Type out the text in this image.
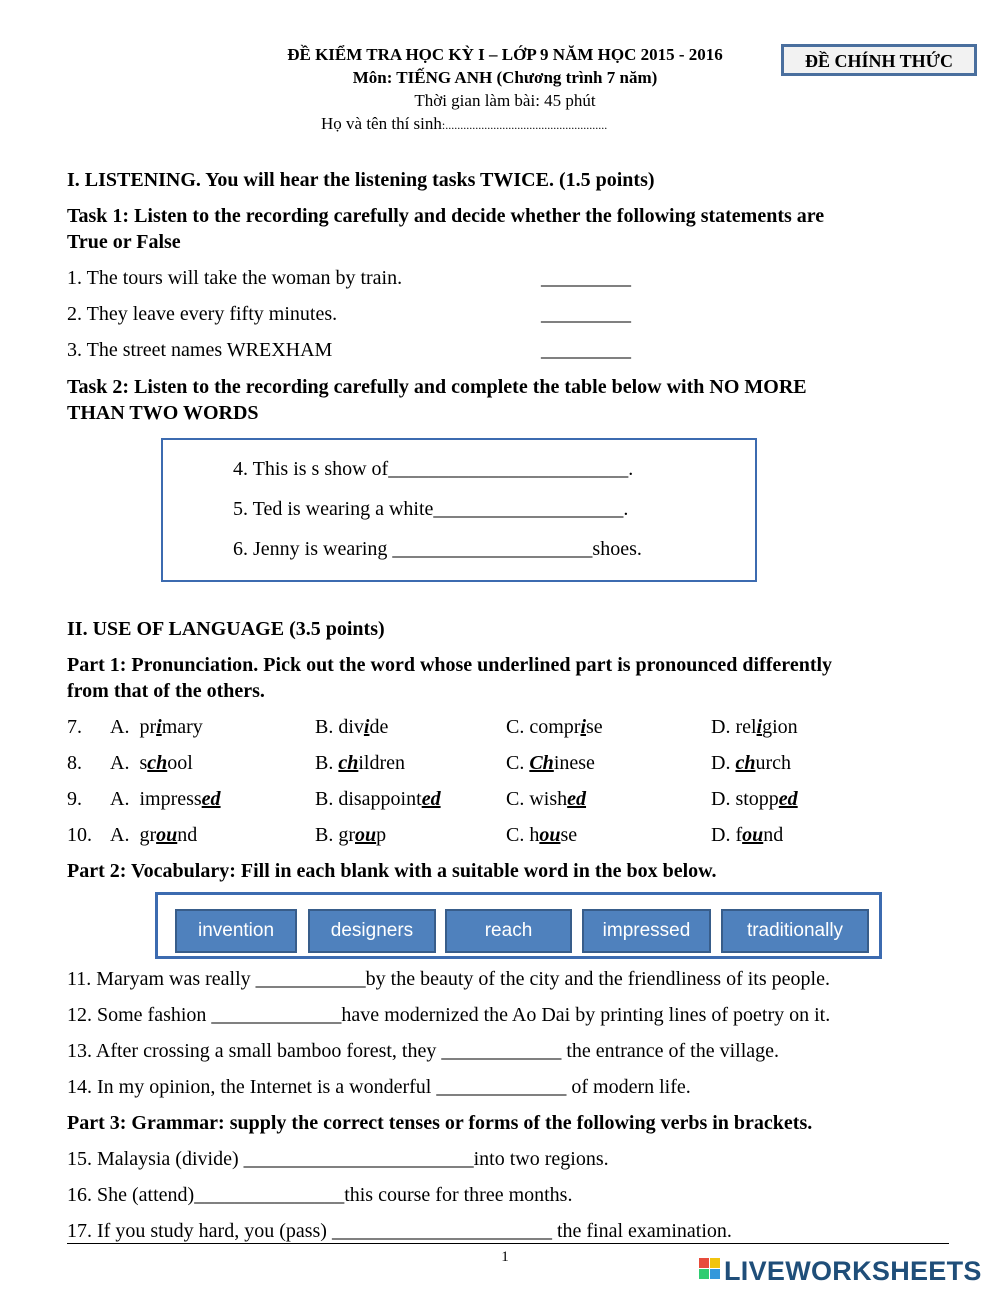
ĐỀ KIỂM TRA HỌC KỲ I – LỚP 9 NĂM HỌC 2015 - 2016
Môn: TIẾNG ANH (Chương trình 7 năm)
Thời gian làm bài: 45 phút
Họ và tên thí sinh:......................................................
ĐỀ CHÍNH THỨC
I. LISTENING. You will hear the listening tasks TWICE. (1.5 points)
Task 1: Listen to the recording carefully and decide whether the following statements are
True or False
1. The tours will take the woman by train.	_________
2. They leave every fifty minutes.	_________
3. The street names WREXHAM	_________
Task 2: Listen to the recording carefully and complete the table below with NO MORE
THAN TWO WORDS
4. This is s show of________________________.
5. Ted is wearing a white___________________.
6. Jenny is wearing ____________________shoes.
II. USE OF LANGUAGE (3.5 points)
Part 1: Pronunciation. Pick out the word whose underlined part is pronounced differently
from that of the others.
7. A. primary	B. divide	C. comprise	D. religion
8. A. school	B. children	C. Chinese	D. church
9. A. impressed	B. disappointed	C. wished	D. stopped
10. A. ground	B. group	C. house	D. found
Part 2: Vocabulary: Fill in each blank with a suitable word in the box below.
invention	designers	reach	impressed	traditionally
11. Maryam was really ___________by the beauty of the city and the friendliness of its people.
12. Some fashion _____________have modernized the Ao Dai by printing lines of poetry on it.
13. After crossing a small bamboo forest, they ____________ the entrance of the village.
14. In my opinion, the Internet is a wonderful _____________ of modern life.
Part 3: Grammar: supply the correct tenses or forms of the following verbs in brackets.
15. Malaysia (divide) _______________________into two regions.
16. She (attend)_______________this course for three months.
17. If you study hard, you (pass) ______________________ the final examination.
1	LIVEWORKSHEETS
